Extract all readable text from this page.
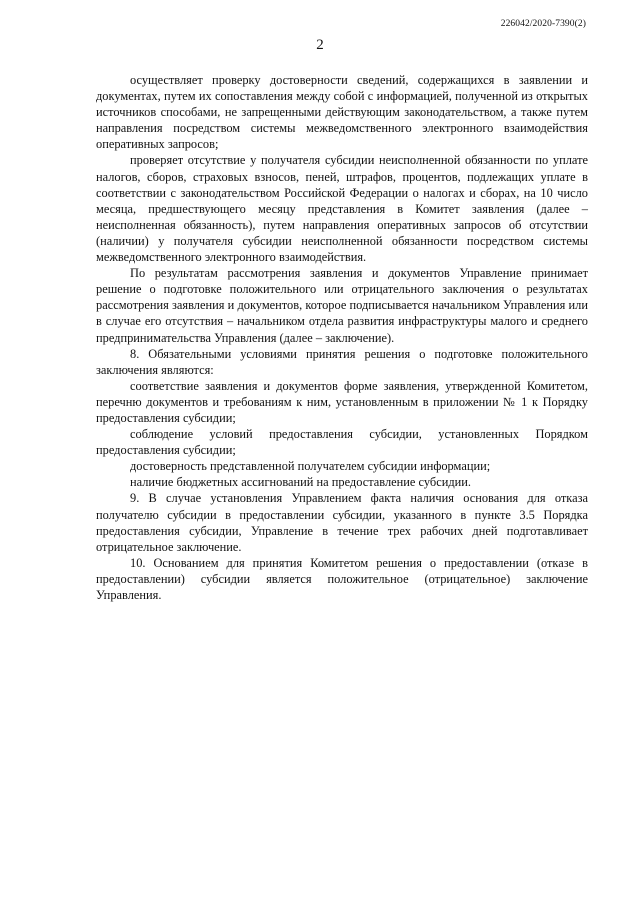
226042/2020-7390(2)
2

осуществляет проверку достоверности сведений, содержащихся в заявлении и документах, путем их сопоставления между собой с информацией, полученной из открытых источников способами, не запрещенными действующим законодательством, а также путем направления посредством системы межведомственного электронного взаимодействия оперативных запросов;

проверяет отсутствие у получателя субсидии неисполненной обязанности по уплате налогов, сборов, страховых взносов, пеней, штрафов, процентов, подлежащих уплате в соответствии с законодательством Российской Федерации о налогах и сборах, на 10 число месяца, предшествующего месяцу представления в Комитет заявления (далее – неисполненная обязанность), путем направления оперативных запросов об отсутствии (наличии) у получателя субсидии неисполненной обязанности посредством системы межведомственного электронного взаимодействия.

По результатам рассмотрения заявления и документов Управление принимает решение о подготовке положительного или отрицательного заключения о результатах рассмотрения заявления и документов, которое подписывается начальником Управления или в случае его отсутствия – начальником отдела развития инфраструктуры малого и среднего предпринимательства Управления (далее – заключение).

8. Обязательными условиями принятия решения о подготовке положительного заключения являются:

соответствие заявления и документов форме заявления, утвержденной Комитетом, перечню документов и требованиям к ним, установленным в приложении № 1 к Порядку предоставления субсидии;

соблюдение условий предоставления субсидии, установленных Порядком предоставления субсидии;

достоверность представленной получателем субсидии информации;

наличие бюджетных ассигнований на предоставление субсидии.

9. В случае установления Управлением факта наличия основания для отказа получателю субсидии в предоставлении субсидии, указанного в пункте 3.5 Порядка предоставления субсидии, Управление в течение трех рабочих дней подготавливает отрицательное заключение.

10. Основанием для принятия Комитетом решения о предоставлении (отказе в предоставлении) субсидии является положительное (отрицательное) заключение Управления.
